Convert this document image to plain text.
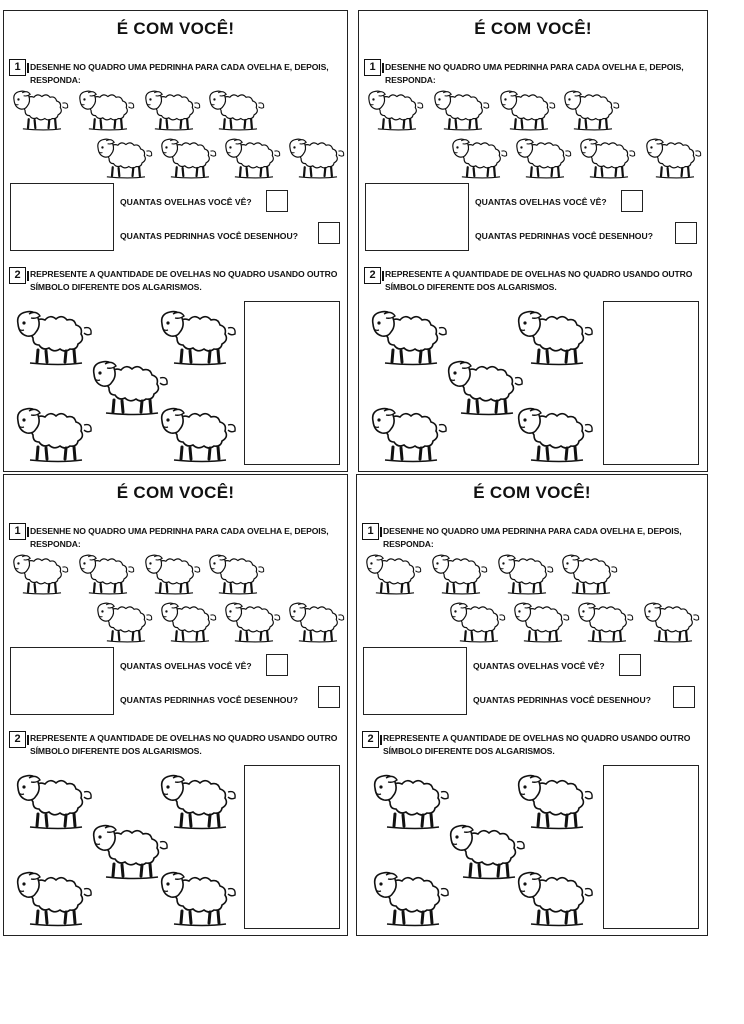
É COM VOCÊ!
1	DESENHE NO QUADRO UMA PEDRINHA PARA CADA OVELHA E, DEPOIS, RESPONDA:
QUANTAS OVELHAS VOCÊ VÊ?
QUANTAS PEDRINHAS VOCÊ DESENHOU?
2	REPRESENTE A QUANTIDADE DE OVELHAS NO QUADRO USANDO OUTRO SÍMBOLO DIFERENTE DOS ALGARISMOS.
É COM VOCÊ!
1	DESENHE NO QUADRO UMA PEDRINHA PARA CADA OVELHA E, DEPOIS, RESPONDA:
QUANTAS OVELHAS VOCÊ VÊ?
QUANTAS PEDRINHAS VOCÊ DESENHOU?
2	REPRESENTE A QUANTIDADE DE OVELHAS NO QUADRO USANDO OUTRO SÍMBOLO DIFERENTE DOS ALGARISMOS.
É COM VOCÊ!
1	DESENHE NO QUADRO UMA PEDRINHA PARA CADA OVELHA E, DEPOIS, RESPONDA:
QUANTAS OVELHAS VOCÊ VÊ?
QUANTAS PEDRINHAS VOCÊ DESENHOU?
2	REPRESENTE A QUANTIDADE DE OVELHAS NO QUADRO USANDO OUTRO SÍMBOLO DIFERENTE DOS ALGARISMOS.
É COM VOCÊ!
1	DESENHE NO QUADRO UMA PEDRINHA PARA CADA OVELHA E, DEPOIS, RESPONDA:
QUANTAS OVELHAS VOCÊ VÊ?
QUANTAS PEDRINHAS VOCÊ DESENHOU?
2	REPRESENTE A QUANTIDADE DE OVELHAS NO QUADRO USANDO OUTRO SÍMBOLO DIFERENTE DOS ALGARISMOS.
